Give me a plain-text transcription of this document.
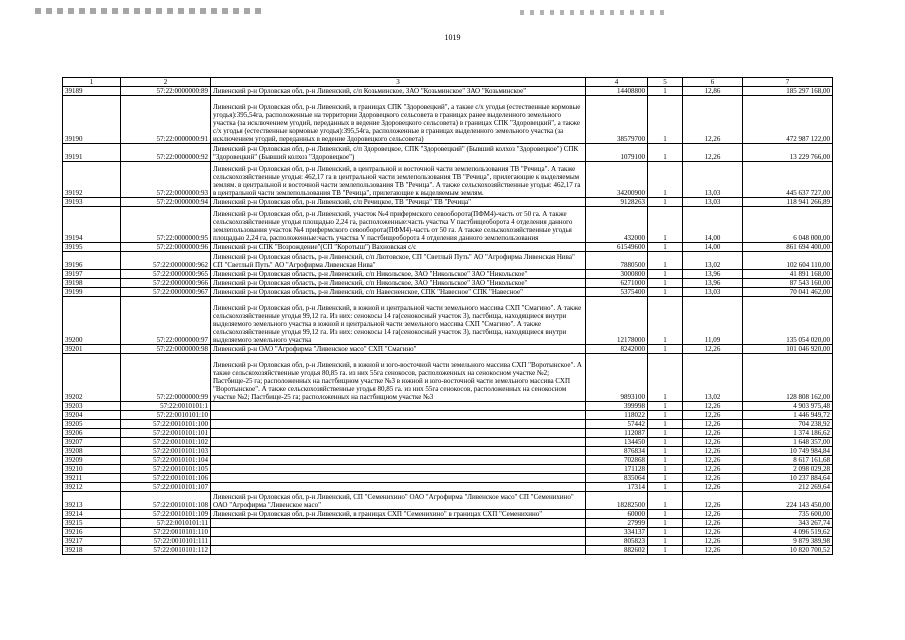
1019
1	2	3	4	5	6	7
39189	57:22:0000000:89	Ливенский р-н Орловская обл, р-н Ливенский, с/п Козьминское, ЗАО "Козьминское" ЗАО "Козьминское"	14408800	1	12,86	185 297 168,00
39190	57:22:0000000:91	Ливенский р-н Орловская обл, р-н Ливенский, в границах СПК "Здоровецкий", а также с/х угодья (естественные кормовые угодья):395,54га, расположенные на территории Здоровецкого сельсовета в границах ранее выделенного земельного участка (за исключением угодий, переданных в ведение Здоровецкого сельсовета) в границах СПК "Здоровецкий", а также с/х угодья (естественные кормовые угодья):395,54га, расположенные в границах выделенного земельного участка (за исключением угодий, переданных в ведение Здоровецкого сельсовета)	38579700	1	12,26	472 987 122,00
39191	57:22:0000000:92	Ливенский р-н Орловская обл, р-н Ливенский, с/п Здоровецкое, СПК "Здоровецкий" (Бывший колхоз "Здоровецкое") СПК "Здоровецкий" (Бывший колхоз "Здоровецкое")	1079100	1	12,26	13 229 766,00
39192	57:22:0000000:93	Ливенский р-н Орловская обл, р-н Ливенский, в центральной и восточной части землепользования ТВ "Речица". А также сельскохозяйственные угодья: 462,17 га в центральной части землепользования ТВ "Речица", прилегающие к выделяемым землям. в центральной и восточной части землепользования ТВ "Речица". А также сельскохозяйственные угодья: 462,17 га в центральной части землепользования ТВ "Речица", прилегающие к выделяемым землям.	34200900	1	13,03	445 637 727,00
39193	57:22:0000000:94	Ливенский р-н Орловская обл, р-н Ливенский, с/п Речицкое, ТВ "Речица" ТВ "Речица"	9128263	1	13,03	118 941 266,89
39194	57:22:0000000:95	Ливенский р-н Орловская обл, р-н Ливенский, участок №4 прифермского севооборота(ПФМ4)-часть от 50 га. А также сельскохозяйственные угодья площадью 2,24 га, расположенные:часть участка V пастбищеоборота 4 отделения данного землепользования участок №4 прифермского севооборота(ПФМ4)-часть от 50 га. А также сельскохозяйственные угодья площадью 2,24 га, расположенные:часть участка V пастбищеоборота 4 отделения данного землепользования	432000	1	14,00	6 048 000,00
39195	57:22:0000000:96	Ливенский р-н СПК "Возрождение"(СП "Коротыш") Вахновская с/с	61549600	1	14,00	861 694 400,00
39196	57:22:0000000:962	Ливенский р-н Орловская область, р-н Ливенский, с/п Лютовское, СП "Светлый Путь" АО "Агрофирма Ливенская Нива" СП "Светлый Путь" АО "Агрофирма Ливенская Нива"	7880500	1	13,02	102 604 110,00
39197	57:22:0000000:965	Ливенский р-н Орловская область, р-н Ливенский, с/п Никольское, ЗАО "Никольское" ЗАО "Никольское"	3000800	1	13,96	41 891 168,00
39198	57:22:0000000:966	Ливенский р-н Орловская область, р-н Ливенский, с/п Никольское, ЗАО "Никольское" ЗАО "Никольское"	6271000	1	13,96	87 543 160,00
39199	57:22:0000000:967	Ливенский р-н Орловская область, р-н Ливенский, с/п Навесненское, СПК "Навесное" СПК "Навесное"	5375400	1	13,03	70 041 462,00
39200	57:22:0000000:97	Ливенский р-н Орловская обл, р-н Ливенский, в южной и центральной части земельного массива СХП "Смагино". А также сельскохозяйственные угодья 99,12 га. Из них: сенокосы 14 га(сенокосный участок 3), пастбища, находящиеся внутри выделяемого земельного участка в южной и центральной части земельного массива СХП "Смагино". А также сельскохозяйственные угодья 99,12 га. Из них: сенокосы 14 га(сенокосный участок 3), пастбища, находящиеся внутри выделяемого земельного участка	12178000	1	11,09	135 054 020,00
39201	57:22:0000000:98	Ливенский р-н ОАО "Агрофирма "Ливенское масо" СХП "Смагино"	8242000	1	12,26	101 046 920,00
39202	57:22:0000000:99	Ливенский р-н Орловская обл, р-н Ливенский, в южной и юго-восточной части земельного массива СХП "Воротынское". А также сельскохозяйственные угодья 80,85 га. из них 55га сенокосов, расположенных на сенокосном участке №2; Пастбище-25 га; расположенных на пастбищном участке №3 в южной и юго-восточной части земельного массива СХП "Воротынское". А также сельскохозяйственные угодья 80,85 га. из них 55га сенокосов, расположенных на сенокосном участке №2; Пастбище-25 га; расположенных на пастбищном участке №3	9893100	1	13,02	128 808 162,00
39203	57:22:0010101:1		399998	1	12,26	4 903 975,48
39204	57:22:0010101:10		118022	1	12,26	1 446 949,72
39205	57:22:0010101:100		57442	1	12,26	704 238,92
39206	57:22:0010101:101		112087	1	12,26	1 374 186,62
39207	57:22:0010101:102		134450	1	12,26	1 648 357,00
39208	57:22:0010101:103		876834	1	12,26	10 749 984,84
39209	57:22:0010101:104		702868	1	12,26	8 617 161,68
39210	57:22:0010101:105		171128	1	12,26	2 098 029,28
39211	57:22:0010101:106		835064	1	12,26	10 237 884,64
39212	57:22:0010101:107		17314	1	12,26	212 269,64
39213	57:22:0010101:108	Ливенский р-н Орловская обл, р-н Ливенский, СП "Семенихино" ОАО "Агрофирма "Ливенское масо" СП "Семенихино" ОАО "Агрофирма "Ливенское масо"	18282500	1	12,26	224 143 450,00
39214	57:22:0010101:109	Ливенский р-н Орловская обл, р-н Ливенский, в границах СХП "Семенихино" в границах СХП "Семенихино"	60000	1	12,26	735 600,00
39215	57:22:0010101:11		27999	1	12,26	343 267,74
39216	57:22:0010101:110		334137	1	12,26	4 096 519,62
39217	57:22:0010101:111		805823	1	12,26	9 879 389,98
39218	57:22:0010101:112		882602	1	12,26	10 820 700,52
